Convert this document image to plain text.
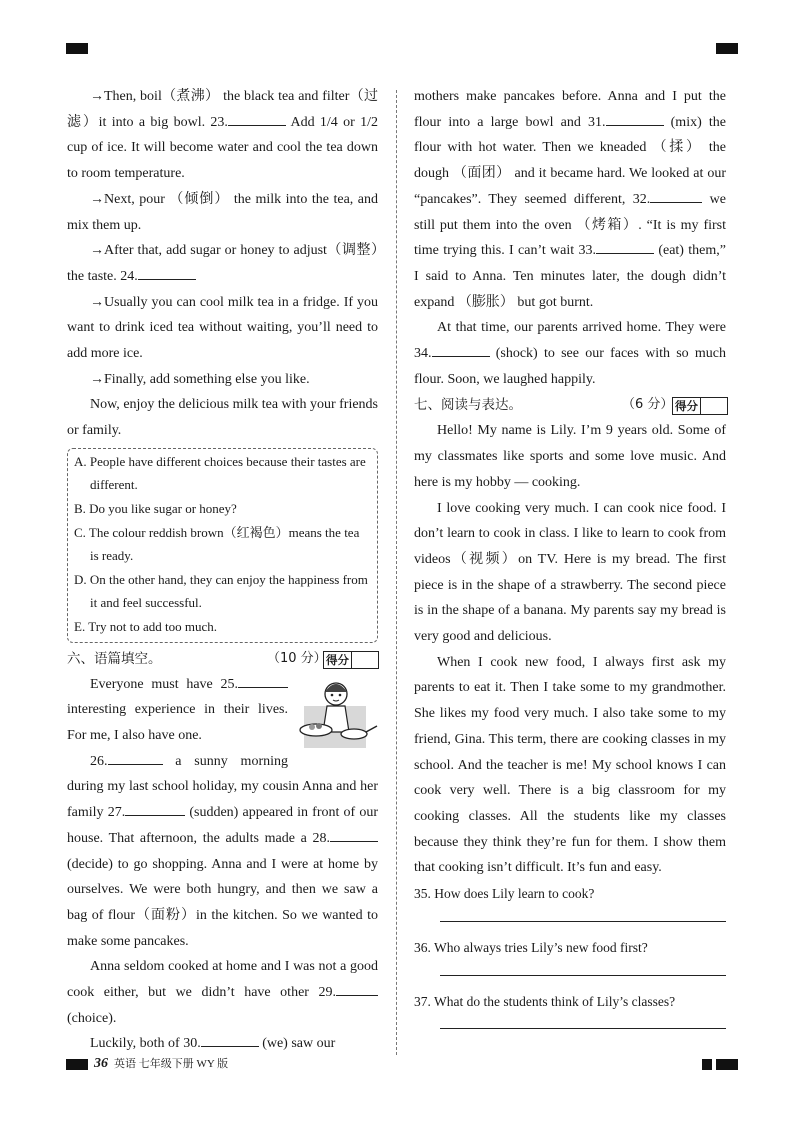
→Then, boil（煮沸） the black tea and filter（过滤）it into a big bowl. 23.	Add 1/4 or 1/2 cup of ice. It will become water and cool the tea down to room temperature.

→Next, pour （倾倒） the milk into the tea, and mix them up.

→After that, add sugar or honey to adjust（调整）the taste. 24.

→Usually you can cool milk tea in a fridge. If you want to drink iced tea without waiting, you’ll need to add more ice.

→Finally, add something else you like.

Now, enjoy the delicious milk tea with your friends or family.

A. People have different choices because their tastes are different.
B. Do you like sugar or honey?
C. The colour reddish brown（红褐色）means the tea is ready.
D. On the other hand, they can enjoy the happiness from it and feel successful.
E. Try not to add too much.
六、语篇填空。	（10 分） 得分

Everyone must have 25. interesting experience in their lives. For me, I also have one.

26.	a sunny morning during my last school holiday, my cousin Anna and her family 27.	(sudden) appeared in front of our house. That afternoon, the adults made a 28. (decide) to go shopping. Anna and I were at home by ourselves. We were both hungry, and then we saw a bag of flour（面粉）in the kitchen. So we wanted to make some pancakes.

Anna seldom cooked at home and I was not a good cook either, but we didn’t have other 29. (choice).

Luckily, both of 30.	(we) saw our

mothers make pancakes before. Anna and I put the flour into a large bowl and 31.	(mix) the flour with hot water. Then we kneaded （揉） the dough （面团） and it became hard. We looked at our “pancakes”. They seemed different, 32.	we still put them into the oven （烤箱）. “It is my first time trying this. I can’t wait 33.	(eat) them,” I said to Anna. Ten minutes later, the dough didn’t expand （膨胀） but got burnt.

At that time, our parents arrived home. They were 34.	(shock) to see our faces with so much flour. Soon, we laughed happily.

七、阅读与表达。	（6 分） 得分

Hello! My name is Lily. I’m 9 years old. Some of my classmates like sports and some love music. And here is my hobby — cooking.

I love cooking very much. I can cook nice food. I don’t learn to cook in class. I like to learn to cook from videos（视频）on TV. Here is my bread. The first piece is in the shape of a strawberry. The second piece is in the shape of a banana. My parents say my bread is very good and delicious.

When I cook new food, I always first ask my parents to eat it. Then I take some to my grandmother. She likes my food very much. I also take some to my friend, Gina. This term, there are cooking classes in my school. And the teacher is me! My school knows I can cook very well. There is a big classroom for my cooking classes. All the students like my classes because they think they’re fun for them. I show them that cooking isn’t difficult. It’s fun and easy.

35. How does Lily learn to cook?

36. Who always tries Lily’s new food first?

37. What do the students think of Lily’s classes?

36 英语 七年级下册 WY 版
